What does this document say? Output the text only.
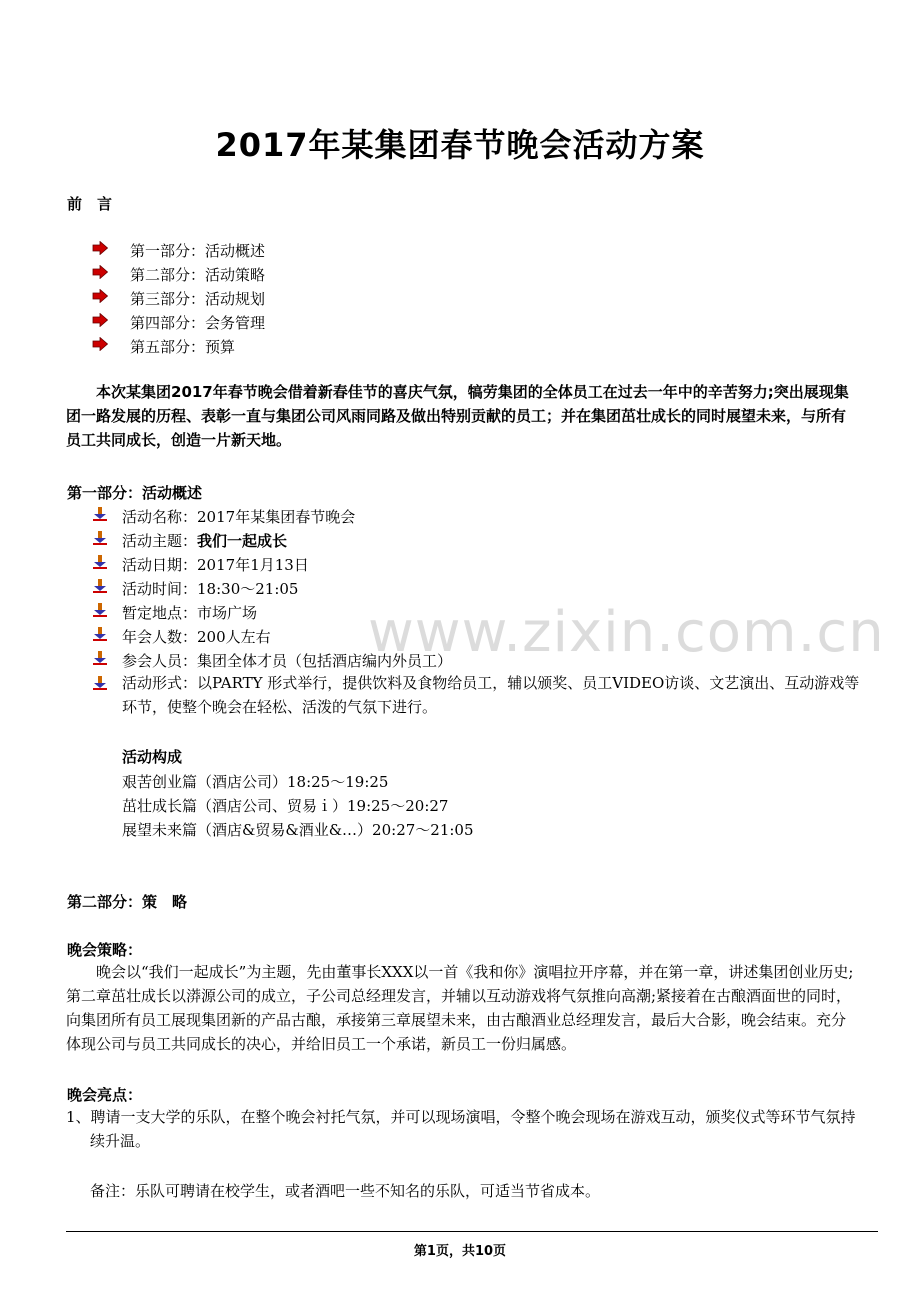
www.zixin.com.cn
2017年某集团春节晚会活动方案
前　言
第一部分：活动概述
第二部分：活动策略
第三部分：活动规划
第四部分：会务管理
第五部分：预算
　　本次某集团2017年春节晚会借着新春佳节的喜庆气氛，犒劳集团的全体员工在过去一年中的辛苦努力;突出展现集团一路发展的历程、表彰一直与集团公司风雨同路及做出特别贡献的员工；并在集团茁壮成长的同时展望未来，与所有员工共同成长，创造一片新天地。
第一部分：活动概述
活动名称：2017年某集团春节晚会
活动主题：我们一起成长
活动日期：2017年1月13日
活动时间：18:30～21:05
暂定地点：市场广场
年会人数：200人左右
参会人员：集团全体才员（包括酒店编内外员工）
活动形式：以PARTY 形式举行，提供饮料及食物给员工，辅以颁奖、员工VIDEO访谈、文艺演出、互动游戏等环节，使整个晚会在轻松、活泼的气氛下进行。
活动构成
艰苦创业篇（酒店公司）18:25～19:25
茁壮成长篇（酒店公司、贸易ｉ）19:25～20:27
展望未来篇（酒店&贸易&酒业&…）20:27～21:05
第二部分：策　略
晚会策略：
　　晚会以“我们一起成长”为主题，先由董事长XXX以一首《我和你》演唱拉开序幕，并在第一章，讲述集团创业历史;第二章茁壮成长以漭源公司的成立，子公司总经理发言，并辅以互动游戏将气氛推向高潮;紧接着在古酿酒面世的同时，向集团所有员工展现集团新的产品古酿，承接第三章展望未来，由古酿酒业总经理发言，最后大合影，晚会结束。充分体现公司与员工共同成长的决心，并给旧员工一个承诺，新员工一份归属感。
晚会亮点：
1、聘请一支大学的乐队，在整个晚会衬托气氛，并可以现场演唱，令整个晚会现场在游戏互动，颁奖仪式等环节气氛持续升温。
备注：乐队可聘请在校学生，或者酒吧一些不知名的乐队，可适当节省成本。
第1页，共10页
